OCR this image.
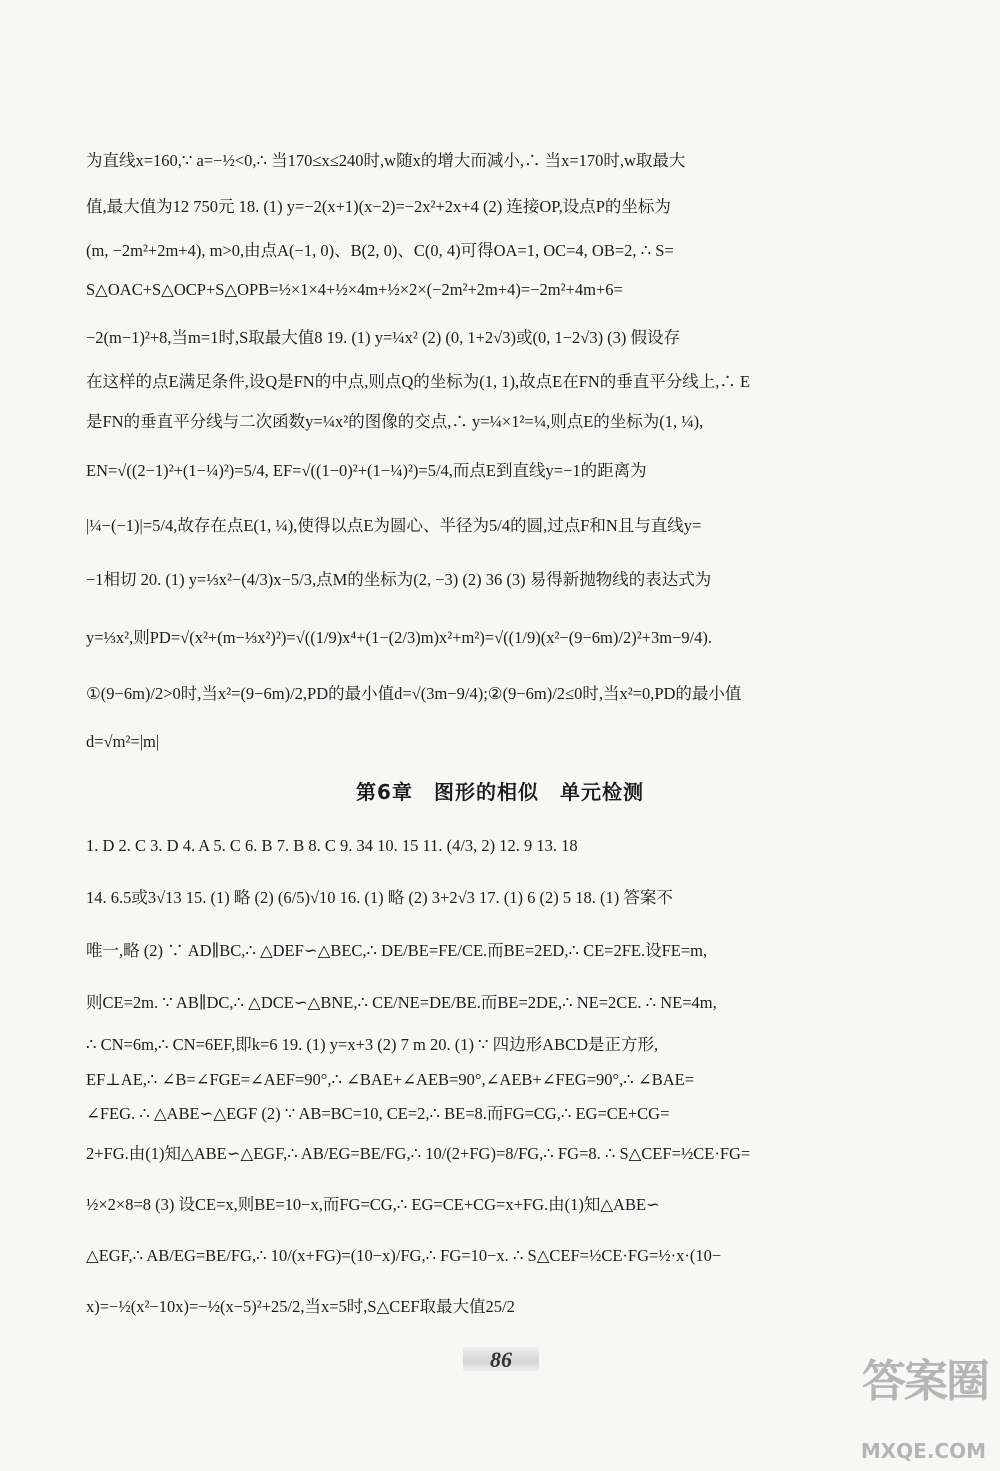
为直线x=160,∵ a=−½<0,∴ 当170≤x≤240时,w随x的增大而减小,∴ 当x=170时,w取最大
值,最大值为12 750元 18. (1) y=−2(x+1)(x−2)=−2x²+2x+4 (2) 连接OP,设点P的坐标为
(m, −2m²+2m+4), m>0,由点A(−1, 0)、B(2, 0)、C(0, 4)可得OA=1, OC=4, OB=2, ∴ S=
S△OAC+S△OCP+S△OPB=½×1×4+½×4m+½×2×(−2m²+2m+4)=−2m²+4m+6=
−2(m−1)²+8,当m=1时,S取最大值8 19. (1) y=¼x² (2) (0, 1+2√3)或(0, 1−2√3) (3) 假设存
在这样的点E满足条件,设Q是FN的中点,则点Q的坐标为(1, 1),故点E在FN的垂直平分线上,∴ E
是FN的垂直平分线与二次函数y=¼x²的图像的交点,∴ y=¼×1²=¼,则点E的坐标为(1, ¼),
EN=√((2−1)²+(1−¼)²)=5/4, EF=√((1−0)²+(1−¼)²)=5/4,而点E到直线y=−1的距离为
|¼−(−1)|=5/4,故存在点E(1, ¼),使得以点E为圆心、半径为5/4的圆,过点F和N且与直线y=
−1相切 20. (1) y=⅓x²−(4/3)x−5/3,点M的坐标为(2, −3) (2) 36 (3) 易得新抛物线的表达式为
y=⅓x²,则PD=√(x²+(m−⅓x²)²)=√((1/9)x⁴+(1−(2/3)m)x²+m²)=√((1/9)(x²−(9−6m)/2)²+3m−9/4).
①(9−6m)/2>0时,当x²=(9−6m)/2,PD的最小值d=√(3m−9/4);②(9−6m)/2≤0时,当x²=0,PD的最小值
d=√m²=|m|
第6章　图形的相似　单元检测
1. D 2. C 3. D 4. A 5. C 6. B 7. B 8. C 9. 34 10. 15 11. (4/3, 2) 12. 9 13. 18
14. 6.5或3√13 15. (1) 略 (2) (6/5)√10 16. (1) 略 (2) 3+2√3 17. (1) 6 (2) 5 18. (1) 答案不
唯一,略 (2) ∵ AD∥BC,∴ △DEF∽△BEC,∴ DE/BE=FE/CE.而BE=2ED,∴ CE=2FE.设FE=m,
则CE=2m. ∵ AB∥DC,∴ △DCE∽△BNE,∴ CE/NE=DE/BE.而BE=2DE,∴ NE=2CE. ∴ NE=4m,
∴ CN=6m,∴ CN=6EF,即k=6 19. (1) y=x+3 (2) 7 m 20. (1) ∵ 四边形ABCD是正方形,
EF⊥AE,∴ ∠B=∠FGE=∠AEF=90°,∴ ∠BAE+∠AEB=90°,∠AEB+∠FEG=90°,∴ ∠BAE=
∠FEG. ∴ △ABE∽△EGF (2) ∵ AB=BC=10, CE=2,∴ BE=8.而FG=CG,∴ EG=CE+CG=
2+FG.由(1)知△ABE∽△EGF,∴ AB/EG=BE/FG,∴ 10/(2+FG)=8/FG,∴ FG=8. ∴ S△CEF=½CE·FG=
½×2×8=8 (3) 设CE=x,则BE=10−x,而FG=CG,∴ EG=CE+CG=x+FG.由(1)知△ABE∽
△EGF,∴ AB/EG=BE/FG,∴ 10/(x+FG)=(10−x)/FG,∴ FG=10−x. ∴ S△CEF=½CE·FG=½·x·(10−
x)=−½(x²−10x)=−½(x−5)²+25/2,当x=5时,S△CEF取最大值25/2
86	答案圈
MXQE.COM
